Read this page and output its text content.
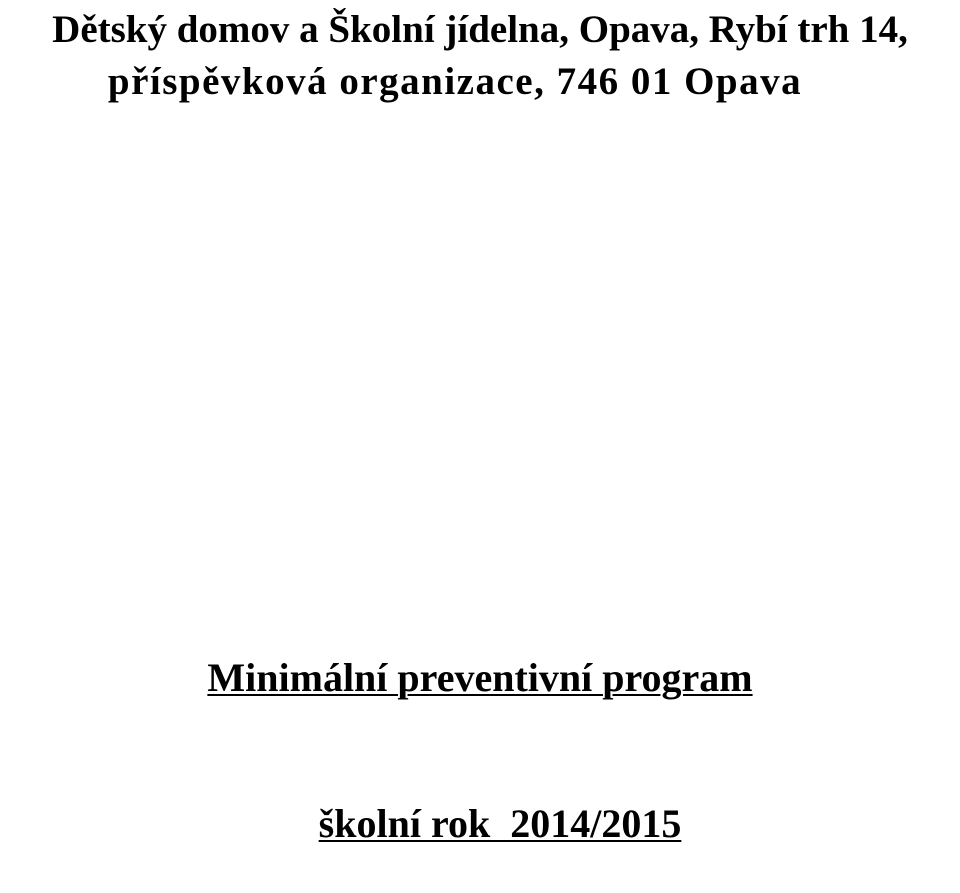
Dětský domov a Školní jídelna, Opava, Rybí trh 14,

příspěvková organizace, 746 01 Opava

Minimální preventivní program

školní rok  2014/2015
